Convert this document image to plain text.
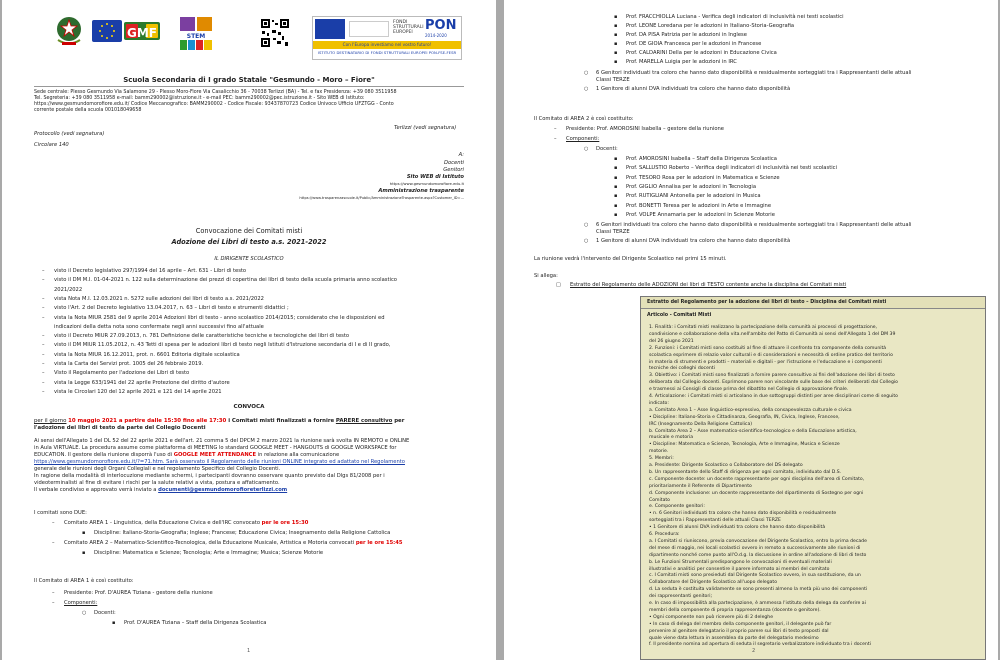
GMF	STEM
FONDI STRUTTURALI EUROPEI PON
2014-2020
Con l'Europa investiamo nel vostro futuro!
ISTITUTO DESTINATARIO DI FONDI STRUTTURALI EUROPEI PON-FSE-FESR
Scuola Secondaria di I grado Statale "Gesmundo - Moro – Fiore"
Sede centrale: Plesso Gesmundo Via Salamone 29 - Plesso Moro-Fiore Via Casalicchio 36 - 70038 Terlizzi (BA) - Tel. e fax Presidenza: +39 080 3511958
Tel. Segreteria: +39 080 3511958 e-mail: bamm290002@istruzione.it - e-mail PEC: bamm290002@pec.istruzione.it - Sito WEB di Istituto:
https://www.gesmundomorofiore.edu.it/ Codice Meccanografico: BAMM290002 - Codice Fiscale: 93437870723 Codice Univoco Ufficio UFZTGG - Conto
corrente postale della scuola 001018049658
Protocollo (vedi segnatura)
Terlizzi (vedi segnatura)
Circolare 140
A:
Docenti
Genitori
Sito WEB di Istituto
https://www.gesmundomorofiore.edu.it
Amministrazione trasparente
https://www.trasparenzascuole.it/Public/AmministrazioneTrasparente.aspx?Customer_ID=...
Convocazione dei Comitati misti
Adozione dei Libri di testo a.s. 2021-2022
IL DIRIGENTE SCOLASTICO
– visto il Decreto legislativo 297/1994 del 16 aprile – Art. 631 - Libri di testo
– visto il DM M.I. 01-04-2021 n. 122 sulla determinazione dei prezzi di copertina dei libri di testo della scuola primaria anno scolastico
2021/2022
– vista Nota M.I. 12.03.2021 n. 5272 sulle adozioni dei libri di testo a.s. 2021/2022
– visto l'Art. 2 del Decreto legislativo 13.04.2017, n. 63 – Libri di testo e strumenti didattici ;
– vista la Nota MIUR 2581 del 9 aprile 2014 Adozioni libri di testo - anno scolastico 2014/2015; considerato che le disposizioni ed
indicazioni della detta nota sono confermate negli anni successivi fino all'attuale
– visto il Decreto MIUR 27.09.2013, n. 781 Definizione delle caratteristiche tecniche e tecnologiche dei libri di testo
– visto il DM MIUR 11.05.2012, n. 43 Tetti di spesa per le adozioni libri di testo negli Istituti d'Istruzione secondaria di I e di II grado,
– vista la Nota MIUR 16.12.2011, prot. n. 6601 Editoria digitale scolastica
– vista la Carta dei Servizi prot. 1005 del 26 febbraio 2019.
– Visto il Regolamento per l'adozione dei Libri di testo
– vista la Legge 633/1941 del 22 aprile Protezione del diritto d'autore
– vista le Circolari 120 del 12 aprile 2021 e 121 del 14 aprile 2021
CONVOCA
per il giorno 10 maggio 2021 a partire dalle 15:30 fino alle 17:30 i Comitati misti finalizzati a fornire PARERE consultivo per
l'adozione dei libri di testo da parte del Collegio Docenti
Ai sensi dell'Allegato 1 del DL 52 del 22 aprile 2021 e dell'art. 21 comma 5 del DPCM 2 marzo 2021 la riunione sarà svolta IN REMOTO e ONLINE
in Aula VIRTUALE. La procedura assume come piattaforma di MEETING lo standard GOOGLE MEET - HANGOUTS di GOOGLE WORKSPACE for
EDUCATION. Il gestore della riunione disporrà l'uso di GOOGLE MEET ATTENDANCE in relazione alla comunicazione
https://www.gesmundomorofiore.edu.it/?=71.htm. Sarà osservato il Regolamento delle riunioni ONLINE integrato ed adattato nel Regolamento
generale delle riunioni degli Organi Collegiali e nel regolamento Specifico del Collegio Docenti.
In ragione della modalità di interlocuzione mediante schermi, i partecipanti dovranno osservare quanto previsto dal Dlgs 81/2008 per i
videoterminalisti al fine di evitare i rischi per la salute relativi a vista, postura e affaticamento.
Il verbale condiviso e approvato verrà inviato a documenti@gesmundomorofioreterlizzi.com
I comitati sono DUE:
– Comitato AREA 1 - Linguistica, della Educazione Civica e dell'IRC convocato per le ore 15:30
▪ Discipline: Italiano-Storia-Geografia; Inglese; Francese; Educazione Civica; Insegnamento della Religione Cattolica
– Comitato AREA 2 – Matematico-Scientifico-Tecnologica, della Educazione Musicale, Artistica e Motoria convocati per le ore 15:45
▪ Discipline: Matematica e Scienze; Tecnologia; Arte e Immagine; Musica; Scienze Motorie
Il Comitato di AREA 1 è così costituito:
– Presidente: Prof. D'AUREA Tiziana - gestore della riunione
– Componenti:
○ Docenti:
▪ Prof. D'AUREA Tiziana – Staff della Dirigenza Scolastica
1
▪ Prof. FRACCHIOLLA Luciana - Verifica degli indicatori di inclusività nei testi scolastici
▪ Prof. LEONE Loredana per le adozioni in Italiano-Storia-Geografia
▪ Prof. DA PISA Patrizia per le adozioni in Inglese
▪ Prof. DE GIOIA Francesca per le adozioni in Francese
▪ Prof. CALDARINI Della per le adozioni in Educazione Civica
▪ Prof. MARELLA Luigia per le adozioni in IRC
○ 6 Genitori individuati tra coloro che hanno dato disponibilità e residualmente sorteggiati tra i Rappresentanti delle attuali
Classi TERZE
○ 1 Genitore di alunni DVA individuati tra coloro che hanno dato disponibilità
Il Comitato di AREA 2 è così costituito:
– Presidente: Prof. AMOROSINI Isabella – gestore della riunione
– Componenti:
○ Docenti:
▪ Prof. AMOROSINI Isabella – Staff della Dirigenza Scolastica
▪ Prof. SALLUSTIO Roberto – Verifica degli indicatori di inclusività nei testi scolastici
▪ Prof. TESORO Rosa per le adozioni in Matematica e Scienze
▪ Prof. GIGLIO Annalisa per le adozioni in Tecnologia
▪ Prof. RUTIGLIANI Antonella per le adozioni in Musica
▪ Prof. BONETTI Teresa per le adozioni in Arte e Immagine
▪ Prof. VOLPE Annamaria per le adozioni in Scienze Motorie
○ 6 Genitori individuati tra coloro che hanno dato disponibilità e residualmente sorteggiati tra i Rappresentanti delle attuali
Classi TERZE
○ 1 Genitore di alunni DVA individuati tra coloro che hanno dato disponibilità
La riunione vedrà l'intervento del Dirigente Scolastico nei primi 15 minuti.
Si allega:
□ Estratto del Regolamento delle ADOZIONI dei libri di TESTO contente anche la disciplina dei Comitati misti
Estratto del Regolamento per la adozione dei libri di testo – Disciplina dei Comitati misti
Articolo - Comitati Misti
1. Finalità: i Comitati misti realizzano la partecipazione della comunità ai processi di progettazione,
condivisione e collaborazione della vita.nell'ambito del Patto di Comunità ai sensi dell'Allegato 1 del DM 39
del 26 giugno 2021
2. Funzioni: i Comitati misti sono costituiti al fine di attuare il confronto tra componente della comunità
scolastica esprimere di relazio valor culturali e di considerazioni e necessità di ordine pratico del territorio
in materia di strumenti e prodotti – materiali e digitali - per l'istruzione e l'educazione e i componenti
tecniche dei colleghi docenti
3. Obiettivo: i Comitati misti sono finalizzati a fornire parere consultivo ai fini dell'adozione dei libri di testo
deliberata dal Collegio docenti. Esprimono parere non vincolante sulle base dei criteri deliberati dal Collegio
e trasmessi ai Consigli di classe prima del dibattito nel Collegio di approvazione finale.
4. Articolazione: i Comitati misti si articolano in due sottogruppi distinti per aree disciplinari come di seguito
indicato:
a. Comitato Area 1 – Asse linguistico-espressivo, della consapevolezza culturale e civica
• Discipline: Italiano-Storia e Cittadinanza, Geografia, IN, Civica, Inglese, Francese,
IRC (Insegnamento Della Religione Cattolica)
b. Comitato Area 2 – Asse matematico-scientifico-tecnologico e della Educazione artistica,
musicale e motoria
• Discipline: Matematica e Scienze, Tecnologia, Arte e Immagine, Musica e Scienze
motorie.
5. Membri:
a. Presidente: Dirigente Scolastico o Collaboratore del DS delegato
b. Un rappresentante dello Staff di dirigenza per ogni comitato, individuato dal D.S.
c. Componente docente: un docente rappresentante per ogni disciplina dell'area di Comitato,
prioritariamente il Referente di Dipartimento
d. Componente inclusione: un docente rappresentante del dipartimento di Sostegno per ogni
Comitato
e. Componente genitori:
• n. 6 Genitori individuati tra coloro che hanno dato disponibilità e residualmente
sorteggiati tra i Rappresentanti delle attuali Classi TERZE
• 1 Genitore di alunni DVA individuati tra coloro che hanno dato disponibilità
6. Procedura:
a. I Comitati si riuniscono, previa convocazione del Dirigente Scolastico, entro la prima decade
del mese di maggio, nei locali scolastici ovvero in remoto a successivamente alle riunioni di
dipartimento nonché come punto all'O.d.g. la discussione in ordine all'adozione di libri di testo
b. Le Funzioni Strumentali predispongono le convocazioni di eventuali materiali
illustrativi e analitici per consentire il parere informato ai membri del comitato
c. I Comitati misti sono presieduti dal Dirigente Scolastico ovvero, in sua sostituzione, da un
Collaboratore del Dirigente Scolastico all'uopo delegato
d. La seduta è costituita validamente se sono presenti almeno la metà più uno dei componenti
dei rappresentanti genitori;
e. In caso di impossibilità alla partecipazione, è ammessa l'istituto della delega da conferire ai
membri della componente di propria rappresentanza (docente o genitore).
• Ogni componente non può ricevere più di 2 deleghe
• In caso di delega del membro della componente genitori, il delegante può far
pervenire al genitore delegatario il proprio parere sui libri di testo proposti dal
quale viene data lettura in assemblea da parte del delegatario medesimo
f. Il presidente nomina ad apertura di seduta il segretario verbalizzatore individuato tra i docenti
2
